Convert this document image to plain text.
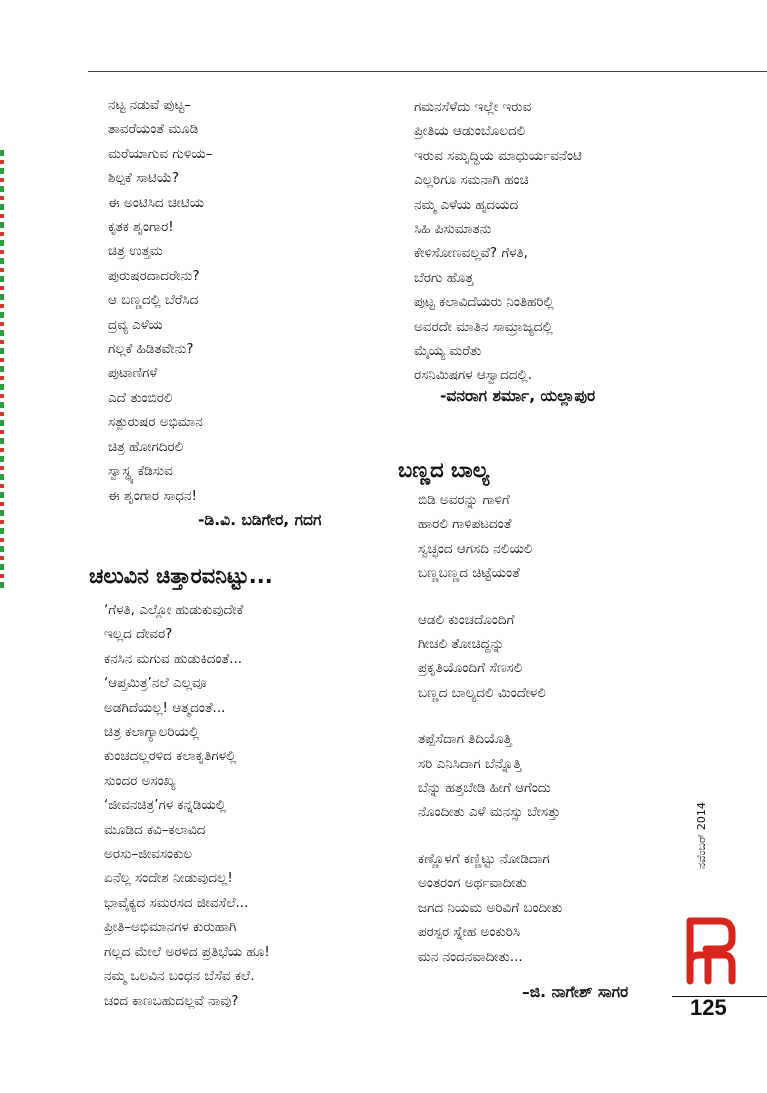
ನಟ್ಟ ನಡುವೆ ಪುಟ್ಟ–
ತಾವರೆಯಂತೆ ಮೂಡಿ
ಮರೆಯಾಗುವ ಗುಳಿಯ–
ಶಿಲ್ಪಕೆ ಸಾಟಿಯೆ?
ಈ ಅಂಟಿಸಿದ ಚೀಟಿಯ
ಕೃತಕ ಶೃಂಗಾರ!
ಚಿತ್ರ ಉತ್ತಮ
ಪುರುಷರದಾದರೇನು?
ಆ ಬಣ್ಣದಲ್ಲಿ ಬೆರೆಸಿದ
ದ್ರವ್ಯ ಎಳೆಯ
ಗಲ್ಲಕೆ ಹಿಡಿತವೇನು?
ಪುಟಾಣಿಗಳೆ
ಎದೆ ತುಂಬಿರಲಿ
ಸತ್ಪುರುಷರ ಅಭಿಮಾನ
ಚಿತ್ರ ಹೋಗದಿರಲಿ
ಸ್ವಾಸ್ಥ್ಯ ಕೆಡಿಸುವ
ಈ ಶೃಂಗಾರ ಸಾಧನ!
-ಡಿ.ವಿ. ಬಡಿಗೇರ, ಗದಗ
ಚಲುವಿನ ಚಿತ್ತಾರವನಿಟ್ಟು...
‘ಗೆಳತಿ, ಎಲ್ಲೋ ಹುಡುಕುವುದೇಕೆ
ಇಲ್ಲದ ದೇವರ?
ಕನಸಿನ ಮಗುವ ಹುಡುಕಿದಂತೆ...
‘ಆಪ್ತಮಿತ್ರ’ನಲೆ ಎಲ್ಲವೂ
ಅಡಗಿದೆಯಲ್ಲ! ಆತ್ಮದಂತೆ...
ಚಿತ್ರ ಕಲಾಗ್ಯಾಲರಿಯಲ್ಲಿ
ಕುಂಚದಲ್ಲರಳಿದ ಕಲಾಕೃತಿಗಳಲ್ಲಿ
ಸುಂದರ ಅಸಂಖ್ಯ
‘ಜೀವನಚಿತ್ರ’ಗಳ ಕನ್ನಡಿಯಲ್ಲಿ
ಮೂಡಿದ ಕವಿ–ಕಲಾವಿದ
ಅರಸು–ಜೀವಸಂಕುಲ
ಏನೆಲ್ಲ ಸಂದೇಶ ನೀಡುವುದಲ್ಲ!
ಭಾವೈಕ್ಯದ ಸಮರಸದ ಜೀವಸೆಲೆ...
ಪ್ರೀತಿ–ಅಭಿಮಾನಗಳ ಕುರುಹಾಗಿ
ಗಲ್ಲದ ಮೇಲೆ ಅರಳಿದ ಪ್ರತಿಭೆಯ ಹೂ!
ನಮ್ಮ ಒಲವಿನ ಬಂಧನ ಬೆಸೆವ ಕಲೆ.
ಚಂದ ಕಾಣಬಹುದಲ್ಲವೆ ನಾವು?
ಗಮನಸೆಳೆದು ಇಲ್ಲೇ ಇರುವ
ಪ್ರೀತಿಯ ಆಡುಂಬೊಲದಲಿ
ಇರುವ ಸಮೃದ್ಧಿಯ ಮಾಧುರ್ಯವನೆಂಟಿ
ಎಲ್ಲರಿಗೂ ಸಮನಾಗಿ ಹಂಚಿ
ನಮ್ಮ ಎಳೆಯ ಹೃದಯದ
ಸಿಹಿ ಪಿಸುಮಾತನು
ಕೇಳಿಸೋಣವಲ್ಲವೆ? ಗೆಳತಿ,
ಬೆರಗು ಹೊತ್ತ
ಪುಟ್ಟ ಕಲಾವಿದೆಯರು ನಿಂತಿಹರಿಲ್ಲಿ
ಅವರದೇ ಮಾತಿನ ಸಾಮ್ರಾಜ್ಯದಲ್ಲಿ
ಮೈಯ್ಯ ಮರೆತು
ರಸನಿಮಿಷಗಳ ಆಸ್ವಾದದಲ್ಲಿ.
-ವನರಾಗ ಶರ್ಮಾ, ಯಲ್ಲಾಪುರ
ಬಣ್ಣದ ಬಾಲ್ಯ
ಬಿಡಿ ಅವರನ್ನು ಗಾಳಿಗೆ
ಹಾರಲಿ ಗಾಳಿಪಟದಂತೆ
ಸ್ವಚ್ಛಂದ ಆಗಸದಿ ನಲಿಯಲಿ
ಬಣ್ಣಬಣ್ಣದ ಚಿಟ್ಟೆಯಂತೆ
ಆಡಲಿ ಕುಂಚದೊಂದಿಗೆ
ಗೀಚಲಿ ತೋಚಿದ್ದನ್ನು
ಪ್ರಕೃತಿಯೊಂದಿಗೆ ಸೆಣಸಲಿ
ಬಣ್ಣದ ಬಾಲ್ಯದಲಿ ಮಿಂದೇಳಲಿ
ತಪ್ಪೆಸೆದಾಗ ತಿದಿಯೊತ್ತಿ
ಸರಿ ಎನಿಸಿದಾಗ ಬೆನ್ನೊತ್ತಿ
ಬೆನ್ನು ಹತ್ತಬೇಡಿ ಹೀಗೆ ಆಗೆಂದು
ನೊಂದೀತು ಎಳೆ ಮನಸ್ಸು ಬೇಸತ್ತು
ಕಣ್ಣೊಳಗೆ ಕಣ್ಣಿಟ್ಟು ನೋಡಿದಾಗ
ಅಂತರಂಗ ಅರ್ಥವಾದೀತು
ಜಗದ ನಿಯಮ ಅರಿವಿಗೆ ಬಂದೀತು
ಪರಸ್ಪರ ಸ್ನೇಹ ಅಂಕುರಿಸಿ
ಮನ ನಂದನವಾದೀತು...
–ಜಿ. ನಾಗೇಶ್ ಸಾಗರ
ನವೆಂಬರ್ 2014
125
